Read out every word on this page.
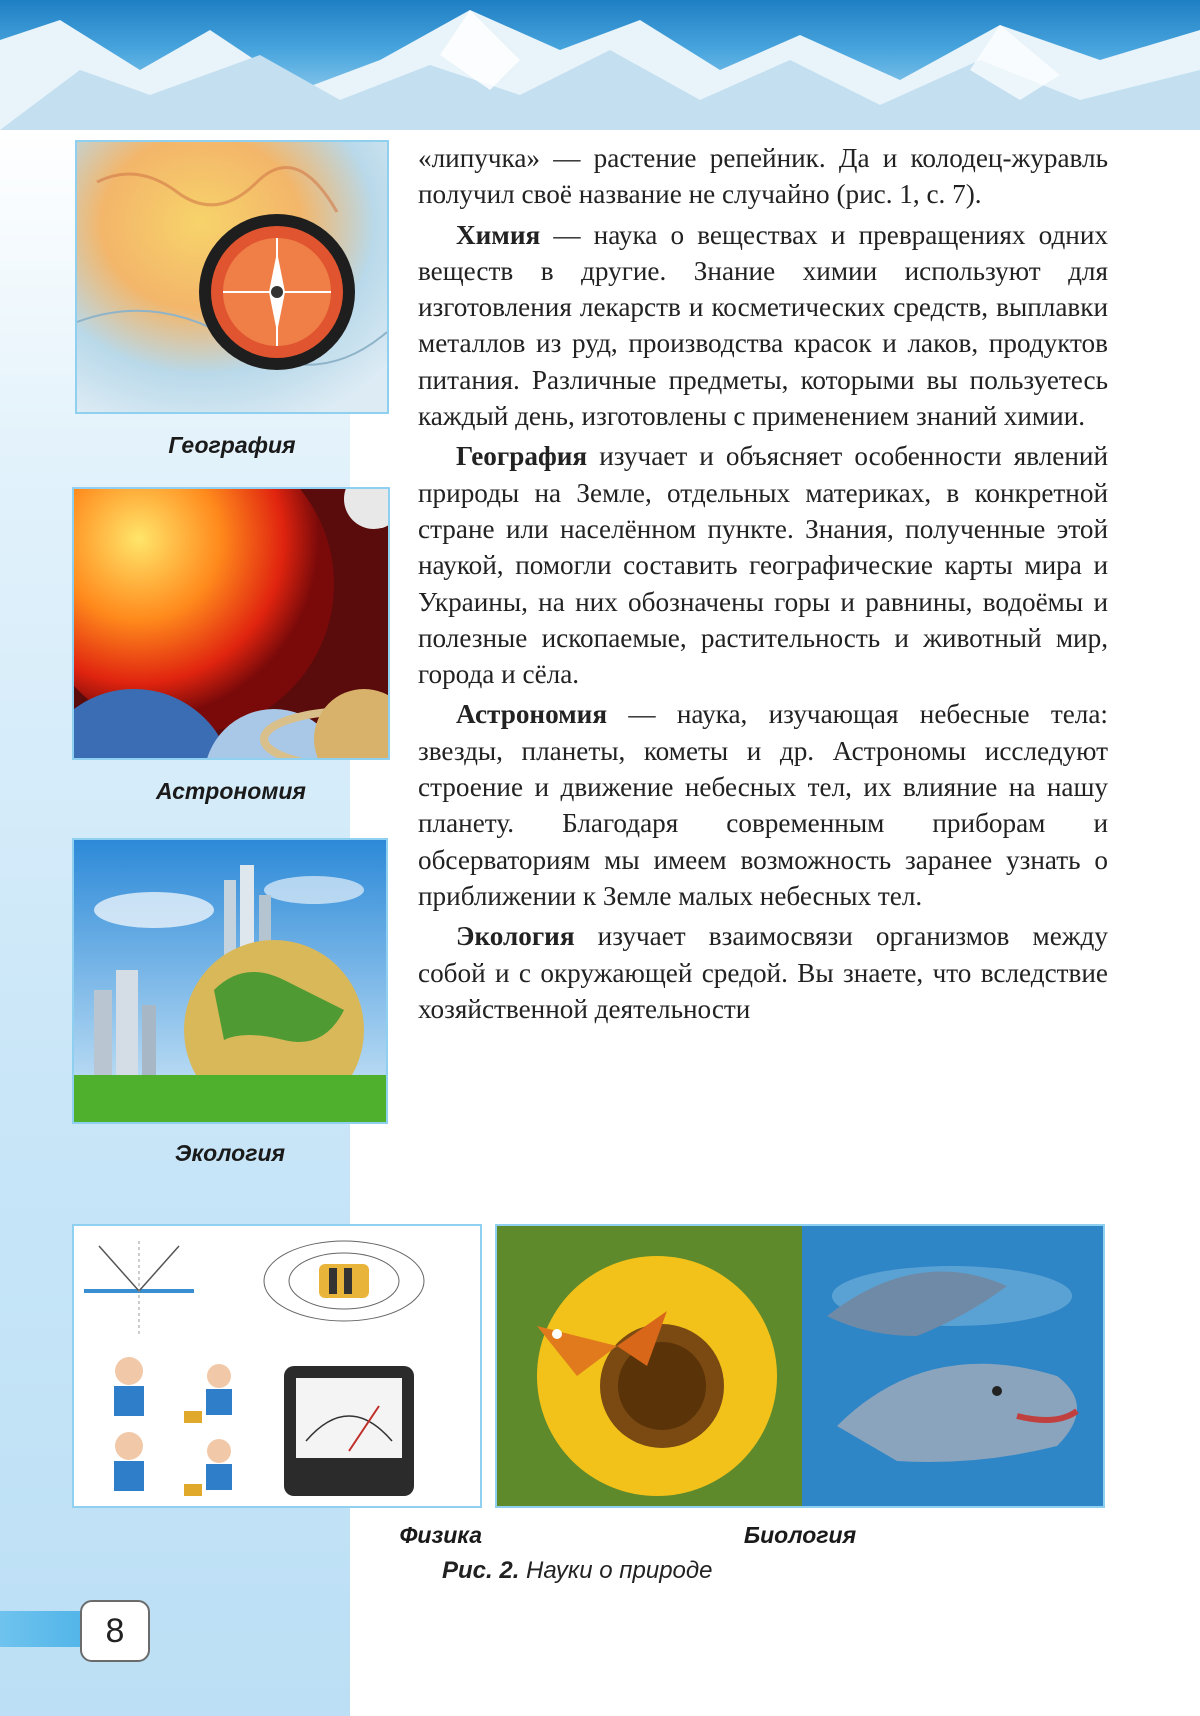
География
Астрономия
Экология

«липучка» — растение репейник. Да и колодец-журавль получил своё название не случайно (рис. 1, с. 7).

Химия — наука о веществах и превращениях одних веществ в другие. Знание химии используют для изготовления лекарств и косметических средств, выплавки металлов из руд, производства красок и лаков, продуктов питания. Различные предметы, которыми вы пользуетесь каждый день, изготовлены с применением знаний химии.

География изучает и объясняет особенности явлений природы на Земле, отдельных материках, в конкретной стране или населённом пункте. Знания, полученные этой наукой, помогли составить географические карты мира и Украины, на них обозначены горы и равнины, водоёмы и полезные ископаемые, растительность и животный мир, города и сёла.

Астрономия — наука, изучающая небесные тела: звезды, планеты, кометы и др. Астрономы исследуют строение и движение небесных тел, их влияние на нашу планету. Благодаря современным приборам и обсерваториям мы имеем возможность заранее узнать о приближении к Земле малых небесных тел.

Экология изучает взаимосвязи организмов между собой и с окружающей средой. Вы знаете, что вследствие хозяйственной деятельности

Физика	Биология
Рис. 2. Науки о природе
8
